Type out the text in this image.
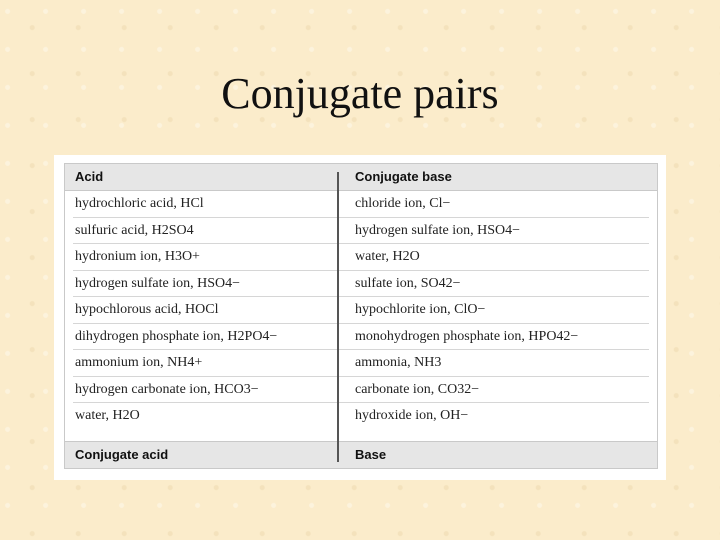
Conjugate pairs
Acid	Conjugate base
hydrochloric acid, HCl	chloride ion, Cl−
sulfuric acid, H2SO4	hydrogen sulfate ion, HSO4−
hydronium ion, H3O+	water, H2O
hydrogen sulfate ion, HSO4−	sulfate ion, SO42−
hypochlorous acid, HOCl	hypochlorite ion, ClO−
dihydrogen phosphate ion, H2PO4−	monohydrogen phosphate ion, HPO42−
ammonium ion, NH4+	ammonia, NH3
hydrogen carbonate ion, HCO3−	carbonate ion, CO32−
water, H2O	hydroxide ion, OH−
Conjugate acid	Base
